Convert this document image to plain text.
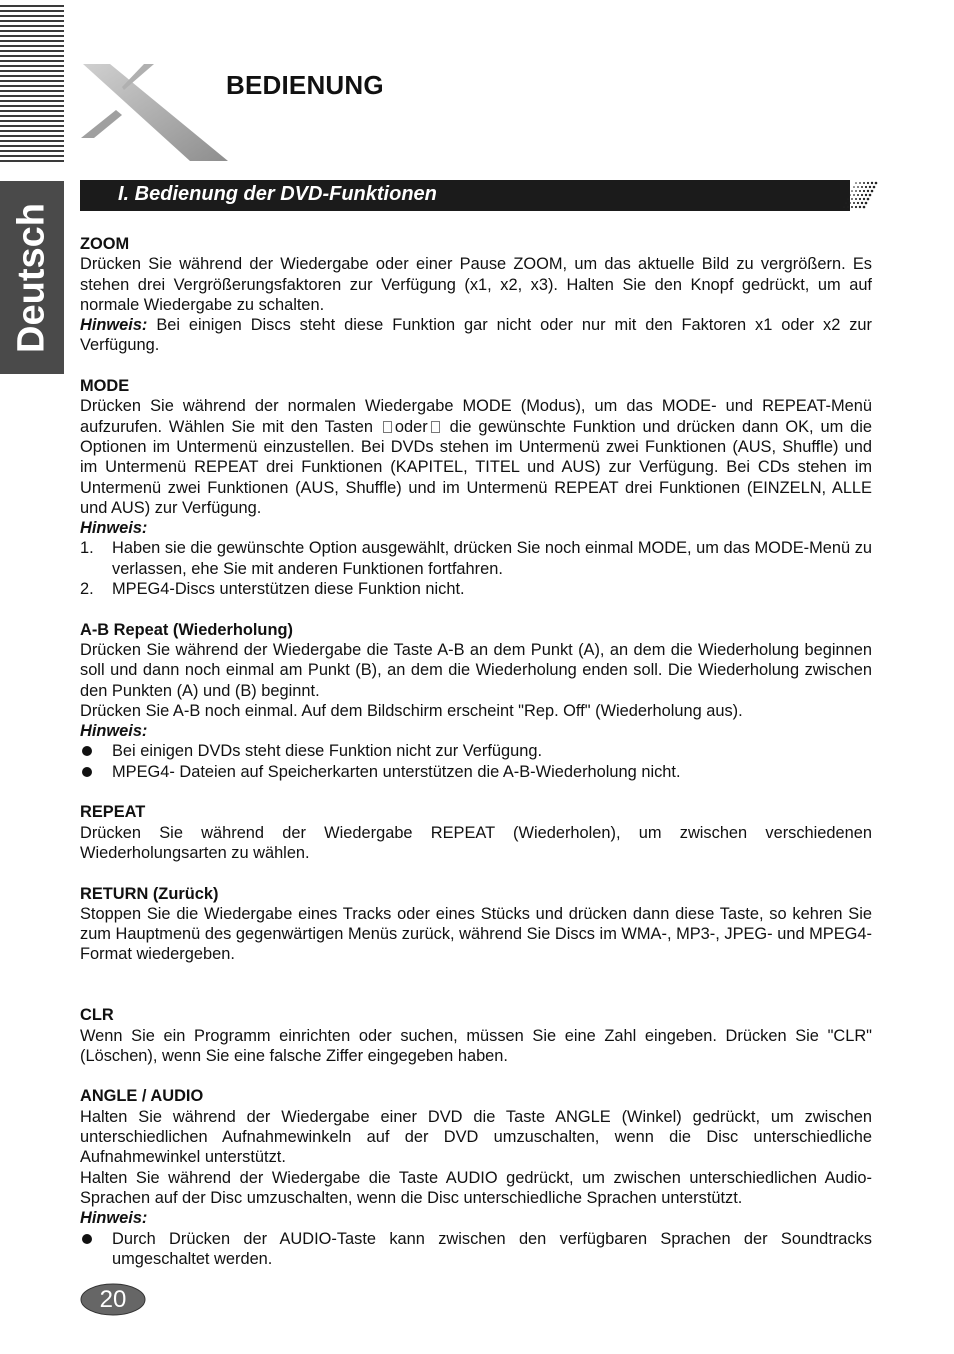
Deutsch
BEDIENUNG
I. Bedienung der DVD-Funktionen

ZOOM

Drücken Sie während der Wiedergabe oder einer Pause ZOOM, um das aktuelle Bild zu vergrößern. Es stehen drei Vergrößerungsfaktoren zur Verfügung (x1, x2, x3). Halten Sie den Knopf gedrückt, um auf normale Wiedergabe zu schalten.

Hinweis: Bei einigen Discs steht diese Funktion gar nicht oder nur mit den Faktoren x1 oder x2 zur Verfügung.

MODE

Drücken Sie während der normalen Wiedergabe MODE (Modus), um das MODE- und REPEAT-Menü aufzurufen. Wählen Sie mit den Tasten oder die gewünschte Funktion und drücken dann OK, um die Optionen im Untermenü einzustellen. Bei DVDs stehen im Untermenü zwei Funktionen (AUS, Shuffle) und im Untermenü REPEAT drei Funktionen (KAPITEL, TITEL und AUS) zur Verfügung. Bei CDs stehen im Untermenü zwei Funktionen (AUS, Shuffle) und im Untermenü REPEAT drei Funktionen (EINZELN, ALLE und AUS) zur Verfügung.

Hinweis:

1. Haben sie die gewünschte Option ausgewählt, drücken Sie noch einmal MODE, um das MODE-Menü zu verlassen, ehe Sie mit anderen Funktionen fortfahren.
2. MPEG4-Discs unterstützen diese Funktion nicht.

A-B Repeat (Wiederholung)

Drücken Sie während der Wiedergabe die Taste A-B an dem Punkt (A), an dem die Wiederholung beginnen soll und dann noch einmal am Punkt (B), an dem die Wiederholung enden soll. Die Wiederholung zwischen den Punkten (A) und (B) beginnt.

Drücken Sie A-B noch einmal. Auf dem Bildschirm erscheint "Rep. Off" (Wiederholung aus).

Hinweis:

Bei einigen DVDs steht diese Funktion nicht zur Verfügung.
MPEG4- Dateien auf Speicherkarten unterstützen die A-B-Wiederholung nicht.

REPEAT

Drücken Sie während der Wiedergabe REPEAT (Wiederholen), um zwischen verschiedenen Wiederholungsarten zu wählen.

RETURN (Zurück)

Stoppen Sie die Wiedergabe eines Tracks oder eines Stücks und drücken dann diese Taste, so kehren Sie zum Hauptmenü des gegenwärtigen Menüs zurück, während Sie Discs im WMA-, MP3-, JPEG- und MPEG4-Format wiedergeben.

CLR

Wenn Sie ein Programm einrichten oder suchen, müssen Sie eine Zahl eingeben. Drücken Sie "CLR" (Löschen), wenn Sie eine falsche Ziffer eingegeben haben.

ANGLE / AUDIO

Halten Sie während der Wiedergabe einer DVD die Taste ANGLE (Winkel) gedrückt, um zwischen unterschiedlichen Aufnahmewinkeln auf der DVD umzuschalten, wenn die Disc unterschiedliche Aufnahmewinkel unterstützt.

Halten Sie während der Wiedergabe die Taste AUDIO gedrückt, um zwischen unterschiedlichen Audio-Sprachen auf der Disc umzuschalten, wenn die Disc unterschiedliche Sprachen unterstützt.

Hinweis:

Durch Drücken der AUDIO-Taste kann zwischen den verfügbaren Sprachen der Soundtracks umgeschaltet werden.
20
